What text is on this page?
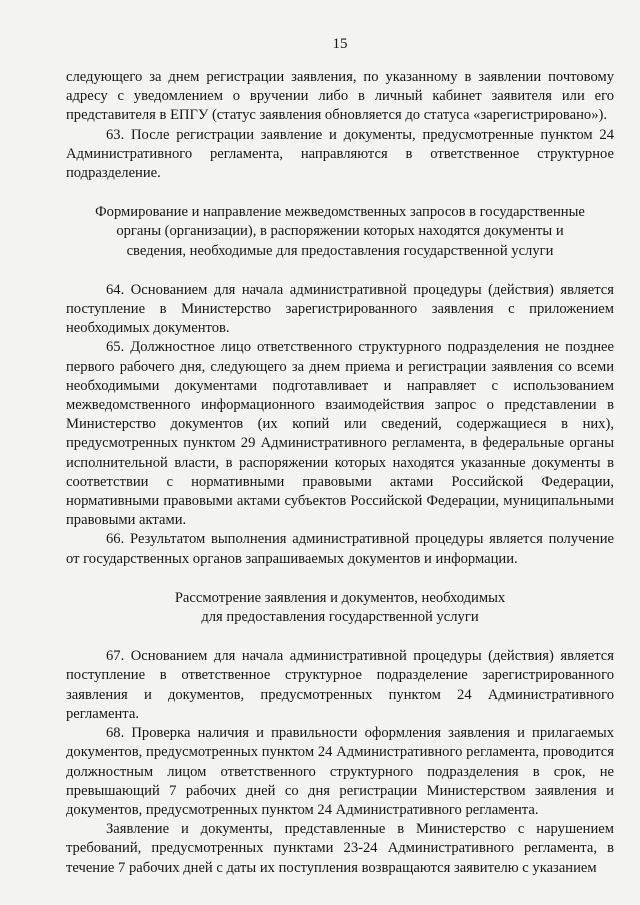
15

следующего за днем регистрации заявления, по указанному в заявлении почтовому адресу с уведомлением о вручении либо в личный кабинет заявителя или его представителя в ЕПГУ (статус заявления обновляется до статуса «зарегистрировано»).

63. После регистрации заявление и документы, предусмотренные пунктом 24 Административного регламента, направляются в ответственное структурное подразделение.

Формирование и направление межведомственных запросов в государственные органы (организации), в распоряжении которых находятся документы и сведения, необходимые для предоставления государственной услуги

64. Основанием для начала административной процедуры (действия) является поступление в Министерство зарегистрированного заявления с приложением необходимых документов.

65. Должностное лицо ответственного структурного подразделения не позднее первого рабочего дня, следующего за днем приема и регистрации заявления со всеми необходимыми документами подготавливает и направляет с использованием межведомственного информационного взаимодействия запрос о представлении в Министерство документов (их копий или сведений, содержащиеся в них), предусмотренных пунктом 29 Административного регламента, в федеральные органы исполнительной власти, в распоряжении которых находятся указанные документы в соответствии с нормативными правовыми актами Российской Федерации, нормативными правовыми актами субъектов Российской Федерации, муниципальными правовыми актами.

66. Результатом выполнения административной процедуры является получение от государственных органов запрашиваемых документов и информации.

Рассмотрение заявления и документов, необходимых
для предоставления государственной услуги

67. Основанием для начала административной процедуры (действия) является поступление в ответственное структурное подразделение зарегистрированного заявления и документов, предусмотренных пунктом 24 Административного регламента.

68. Проверка наличия и правильности оформления заявления и прилагаемых документов, предусмотренных пунктом 24 Административного регламента, проводится должностным лицом ответственного структурного подразделения в срок, не превышающий 7 рабочих дней со дня регистрации Министерством заявления и документов, предусмотренных пунктом 24 Административного регламента.

Заявление и документы, представленные в Министерство с нарушением требований, предусмотренных пунктами 23-24 Административного регламента, в течение 7 рабочих дней с даты их поступления возвращаются заявителю с указанием
